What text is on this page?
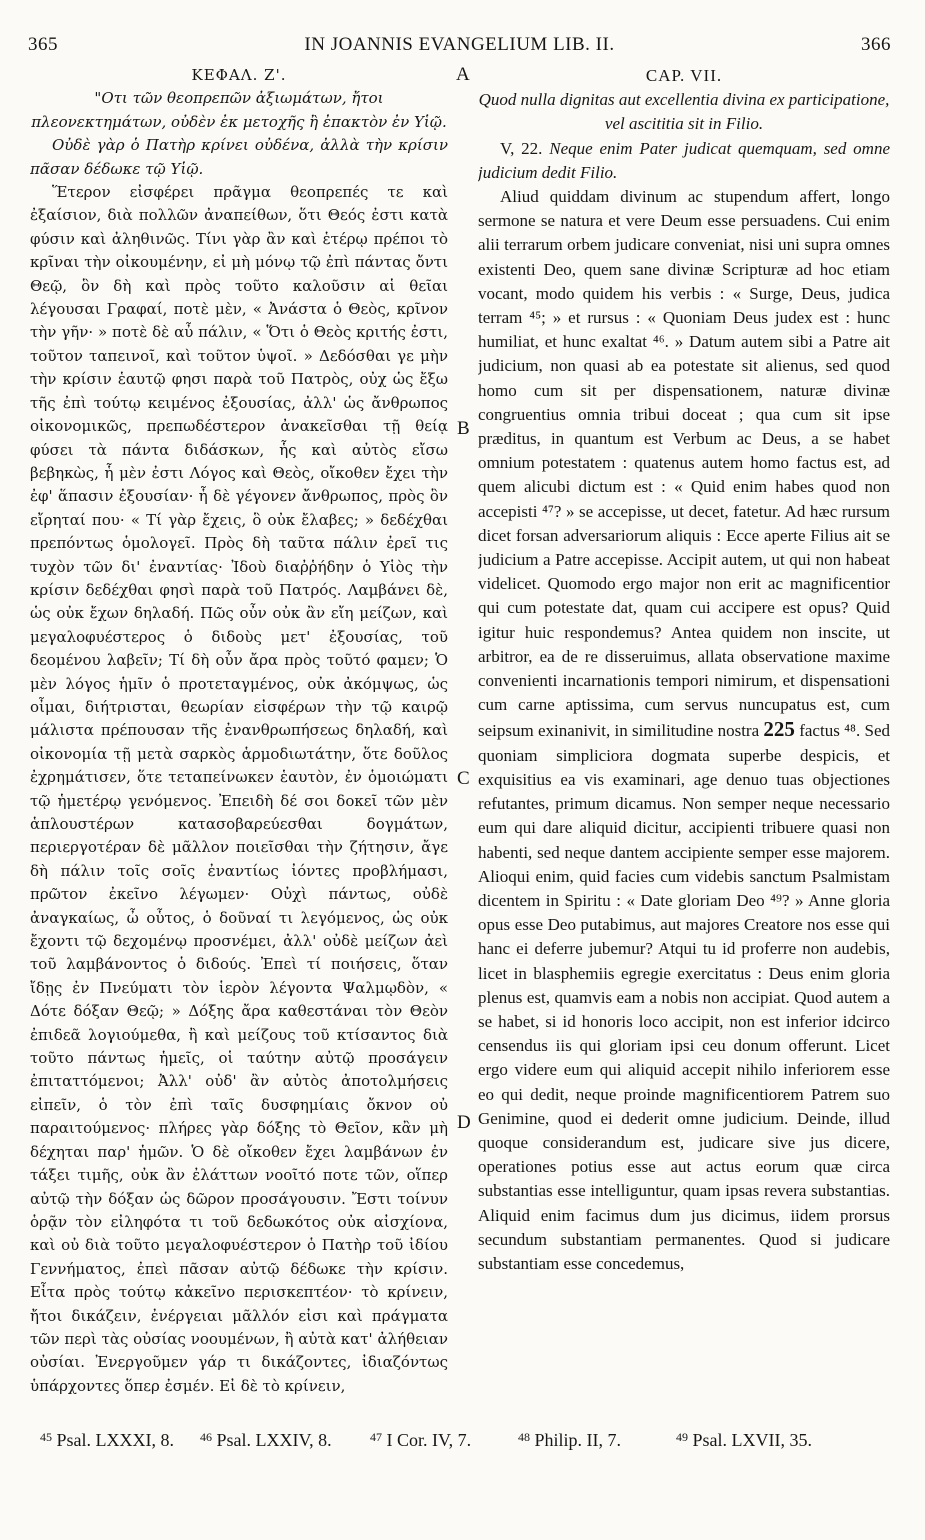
365	IN JOANNIS EVANGELIUM LIB. II.	366

ΚΕΦΑΛ. Ζ'.

"Οτι τῶν θεοπρεπῶν ἀξιωμάτων, ἤτοι πλεονεκτημάτων, οὐδὲν ἐκ μετοχῆς ἢ ἐπακτὸν ἐν Υἱῷ.

Οὐδὲ γὰρ ὁ Πατὴρ κρίνει οὐδένα, ἀλλὰ τὴν κρίσιν πᾶσαν δέδωκε τῷ Υἱῷ.

Ἕτερον εἰσφέρει πρᾶγμα θεοπρεπές τε καὶ ἐξαίσιον, διὰ πολλῶν ἀναπείθων, ὅτι Θεός ἐστι κατὰ φύσιν καὶ ἀληθινῶς. Τίνι γὰρ ἂν καὶ ἑτέρῳ πρέποι τὸ κρῖναι τὴν οἰκουμένην, εἰ μὴ μόνῳ τῷ ἐπὶ πάντας ὄντι Θεῷ, ὃν δὴ καὶ πρὸς τοῦτο καλοῦσιν αἱ θεῖαι λέγουσαι Γραφαί, ποτὲ μὲν, « Ἀνάστα ὁ Θεὸς, κρῖνον τὴν γῆν· » ποτὲ δὲ αὖ πάλιν, « Ὅτι ὁ Θεὸς κριτής ἐστι, τοῦτον ταπεινοῖ, καὶ τοῦτον ὑψοῖ. » Δεδόσθαι γε μὴν τὴν κρίσιν ἑαυτῷ φησι παρὰ τοῦ Πατρὸς, οὐχ ὡς ἔξω τῆς ἐπὶ τούτῳ κειμένος ἐξουσίας, ἀλλ' ὡς ἄνθρωπος οἰκονομικῶς, πρεπωδέστερον ἀνακεῖσθαι τῇ θείᾳ φύσει τὰ πάντα διδάσκων, ἧς καὶ αὐτὸς εἴσω βεβηκὼς, ἧ μὲν ἐστι Λόγος καὶ Θεὸς, οἴκοθεν ἔχει τὴν ἐφ' ἅπασιν ἐξουσίαν· ἧ δὲ γέγονεν ἄνθρωπος, πρὸς ὃν εἴρηταί που· « Τί γὰρ ἔχεις, ὃ οὐκ ἔλαβες; » δεδέχθαι πρεπόντως ὁμολογεῖ. Πρὸς δὴ ταῦτα πάλιν ἐρεῖ τις τυχὸν τῶν δι' ἐναντίας· Ἰδοὺ διαῤῥήδην ὁ Υἱὸς τὴν κρίσιν δεδέχθαι φησὶ παρὰ τοῦ Πατρός. Λαμβάνει δὲ, ὡς οὐκ ἔχων δηλαδή. Πῶς οὖν οὐκ ἂν εἴη μείζων, καὶ μεγαλοφυέστερος ὁ διδοὺς μετ' ἐξουσίας, τοῦ δεομένου λαβεῖν; Τί δὴ οὖν ἄρα πρὸς τοῦτό φαμεν; Ὁ μὲν λόγος ἡμῖν ὁ προτεταγμένος, οὐκ ἀκόμψως, ὡς οἶμαι, διήτρισται, θεωρίαν εἰσφέρων τὴν τῷ καιρῷ μάλιστα πρέπουσαν τῆς ἐνανθρωπήσεως δηλαδή, καὶ οἰκονομία τῇ μετὰ σαρκὸς ἁρμοδιωτάτην, ὅτε δοῦλος ἐχρημάτισεν, ὅτε τεταπείνωκεν ἑαυτὸν, ἐν ὁμοιώματι τῷ ἡμετέρῳ γενόμενος. Ἐπειδὴ δέ σοι δοκεῖ τῶν μὲν ἁπλουστέρων κατασοβαρεύεσθαι δογμάτων, περιεργοτέραν δὲ μᾶλλον ποιεῖσθαι τὴν ζήτησιν, ἄγε δὴ πάλιν τοῖς σοῖς ἐναντίως ἰόντες προβλήμασι, πρῶτον ἐκεῖνο λέγωμεν· Οὐχὶ πάντως, οὐδὲ ἀναγκαίως, ὦ οὗτος, ὁ δοῦναί τι λεγόμενος, ὡς οὐκ ἔχοντι τῷ δεχομένῳ προσνέμει, ἀλλ' οὐδὲ μείζων ἀεὶ τοῦ λαμβάνοντος ὁ διδούς. Ἐπεὶ τί ποιήσεις, ὅταν ἴδῃς ἐν Πνεύματι τὸν ἱερὸν λέγοντα Ψαλμῳδὸν, « Δότε δόξαν Θεῷ; » Δόξης ἄρα καθεστάναι τὸν Θεὸν ἐπιδεᾶ λογιούμεθα, ἢ καὶ μείζους τοῦ κτίσαντος διὰ τοῦτο πάντως ἡμεῖς, οἱ ταύτην αὐτῷ προσάγειν ἐπιταττόμενοι; Ἀλλ' οὐδ' ἂν αὐτὸς ἀποτολμήσεις εἰπεῖν, ὁ τὸν ἐπὶ ταῖς δυσφημίαις ὄκνον οὐ παραιτούμενος· πλήρες γὰρ δόξης τὸ Θεῖον, κἂν μὴ δέχηται παρ' ἡμῶν. Ὁ δὲ οἴκοθεν ἔχει λαμβάνων ἐν τάξει τιμῆς, οὐκ ἂν ἐλάττων νοοῖτό ποτε τῶν, οἵπερ αὐτῷ τὴν δόξαν ὡς δῶρον προσάγουσιν. Ἔστι τοίνυν ὁρᾷν τὸν εἰληφότα τι τοῦ δεδωκότος οὐκ αἰσχίονα, καὶ οὐ διὰ τοῦτο μεγαλοφυέστερον ὁ Πατὴρ τοῦ ἰδίου Γεννήματος, ἐπεὶ πᾶσαν αὐτῷ δέδωκε τὴν κρίσιν. Εἶτα πρὸς τούτῳ κἀκεῖνο περισκεπτέον· τὸ κρίνειν, ἤτοι δικάζειν, ἐνέργειαι μᾶλλόν εἰσι καὶ πράγματα τῶν περὶ τὰς οὐσίας νοουμένων, ἢ αὐτὰ κατ' ἀλήθειαν οὐσίαι. Ἐνεργοῦμεν γάρ τι δικάζοντες, ἰδιαζόντως ὑπάρχοντες ὅπερ ἐσμέν. Εἰ δὲ τὸ κρίνειν,

CAP. VII.

Quod nulla dignitas aut excellentia divina ex participatione, vel ascititia sit in Filio.

V, 22. Neque enim Pater judicat quemquam, sed omne judicium dedit Filio.

Aliud quiddam divinum ac stupendum affert, longo sermone se natura et vere Deum esse persuadens. Cui enim alii terrarum orbem judicare conveniat, nisi uni supra omnes existenti Deo, quem sane divinæ Scripturæ ad hoc etiam vocant, modo quidem his verbis : « Surge, Deus, judica terram ⁴⁵; » et rursus : « Quoniam Deus judex est : hunc humiliat, et hunc exaltat ⁴⁶. » Datum autem sibi a Patre ait judicium, non quasi ab ea potestate sit alienus, sed quod homo cum sit per dispensationem, naturæ divinæ congruentius omnia tribui doceat ; qua cum sit ipse præditus, in quantum est Verbum ac Deus, a se habet omnium potestatem : quatenus autem homo factus est, ad quem alicubi dictum est : « Quid enim habes quod non accepisti ⁴⁷? » se accepisse, ut decet, fatetur. Ad hæc rursum dicet forsan adversariorum aliquis : Ecce aperte Filius ait se judicium a Patre accepisse. Accipit autem, ut qui non habeat videlicet. Quomodo ergo major non erit ac magnificentior qui cum potestate dat, quam cui accipere est opus? Quid igitur huic respondemus? Antea quidem non inscite, ut arbitror, ea de re disseruimus, allata observatione maxime convenienti incarnationis tempori nimirum, et dispensationi cum carne aptissima, cum servus nuncupatus est, cum seipsum exinanivit, in similitudine nostra 225 factus ⁴⁸. Sed quoniam simpliciora dogmata superbe despicis, et exquisitius ea vis examinari, age denuo tuas objectiones refutantes, primum dicamus. Non semper neque necessario eum qui dare aliquid dicitur, accipienti tribuere quasi non habenti, sed neque dantem accipiente semper esse majorem. Alioqui enim, quid facies cum videbis sanctum Psalmistam dicentem in Spiritu : « Date gloriam Deo ⁴⁹? » Anne gloria opus esse Deo putabimus, aut majores Creatore nos esse qui hanc ei deferre jubemur? Atqui tu id proferre non audebis, licet in blasphemiis egregie exercitatus : Deus enim gloria plenus est, quamvis eam a nobis non accipiat. Quod autem a se habet, si id honoris loco accipit, non est inferior idcirco censendus iis qui gloriam ipsi ceu donum offerunt. Licet ergo videre eum qui aliquid accepit nihilo inferiorem esse eo qui dedit, neque proinde magnificentiorem Patrem suo Genimine, quod ei dederit omne judicium. Deinde, illud quoque considerandum est, judicare sive jus dicere, operationes potius esse aut actus eorum quæ circa substantias esse intelliguntur, quam ipsas revera substantias. Aliquid enim facimus dum jus dicimus, iidem prorsus secundum substantiam permanentes. Quod si judicare substantiam esse concedemus,

A
B
C
D
$^{45}$ Psal. LXXXI, 8. $^{46}$ Psal. LXXIV, 8.	$^{47}$ I Cor. IV, 7.	$^{48}$ Philip. II, 7.	$^{49}$ Psal. LXVII, 35.
